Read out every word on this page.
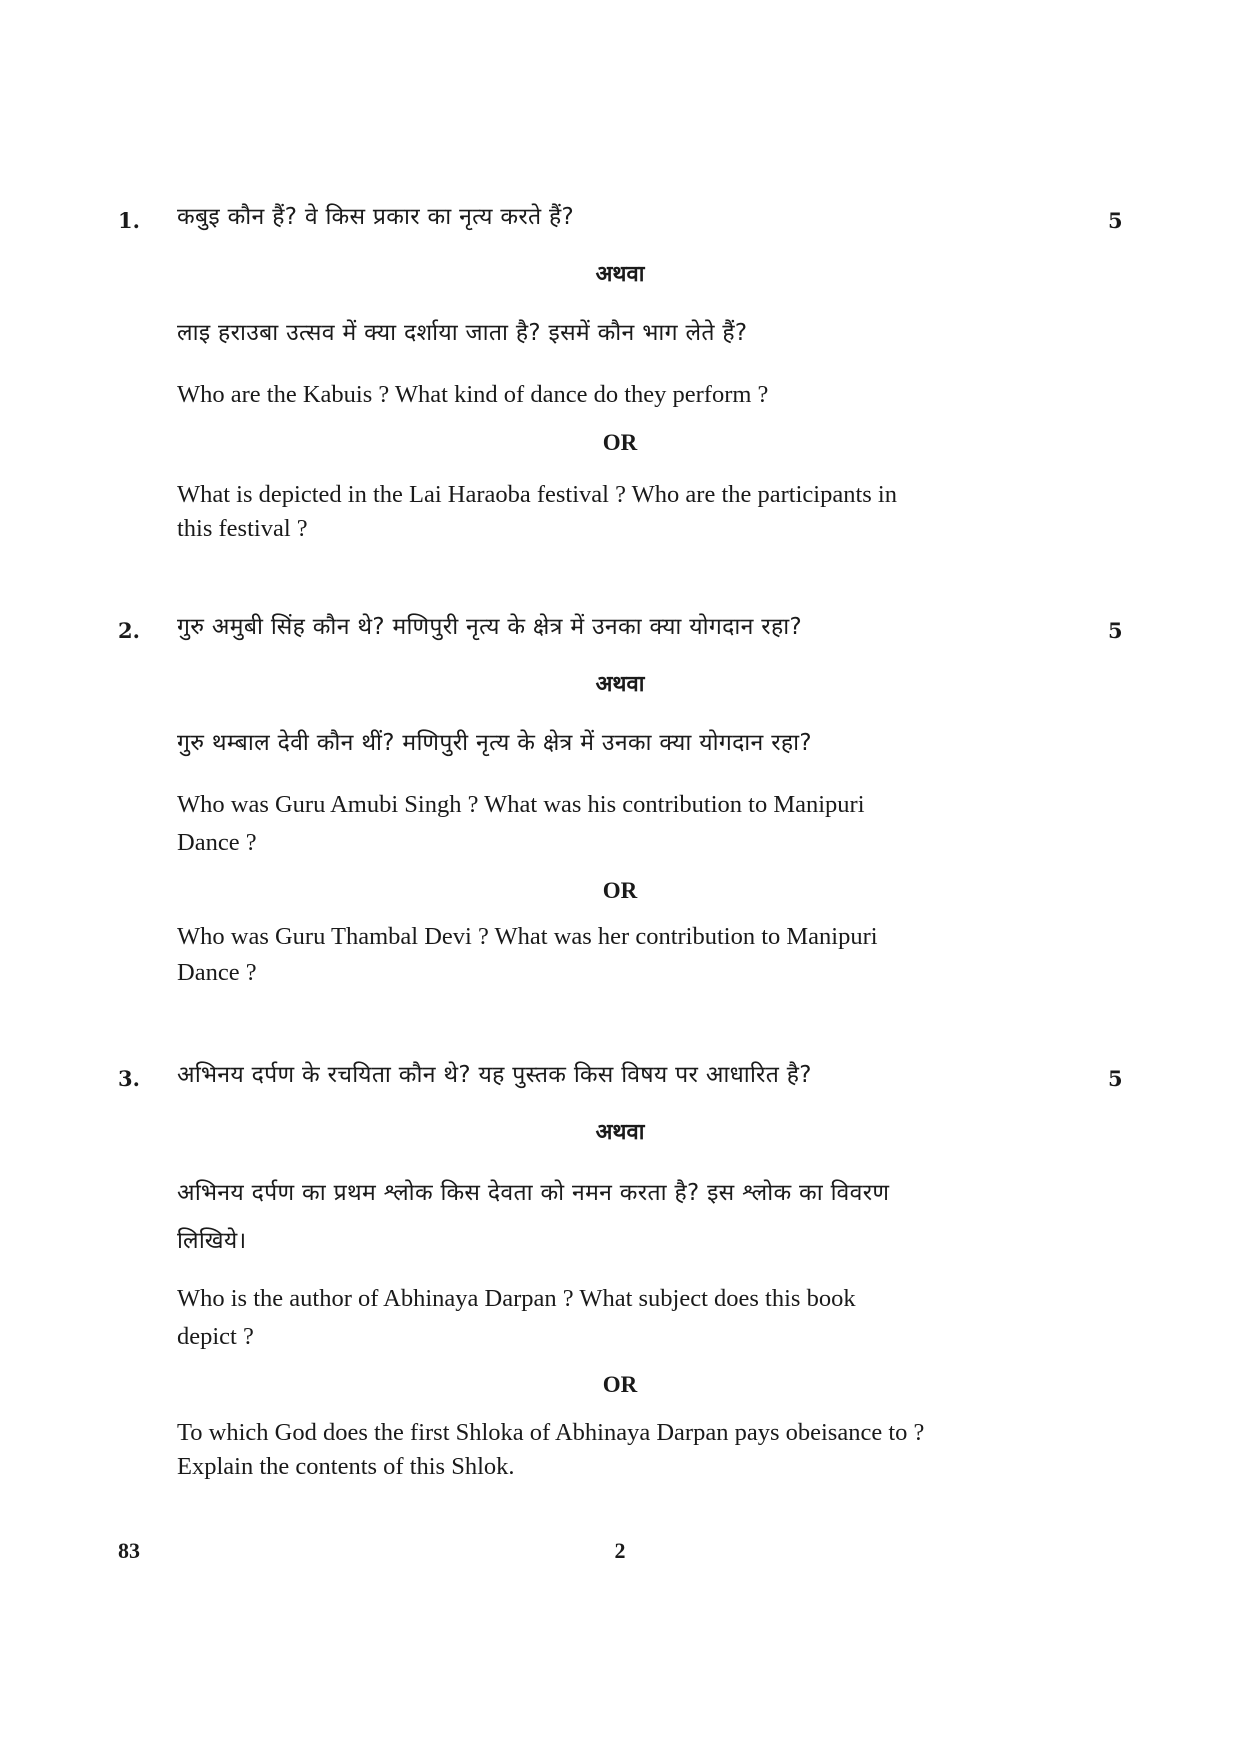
1. कबुइ कौन हैं? वे किस प्रकार का नृत्य करते हैं?	5
अथवा
लाइ हराउबा उत्सव में क्या दर्शाया जाता है? इसमें कौन भाग लेते हैं?
Who are the Kabuis ? What kind of dance do they perform ?
OR
What is depicted in the Lai Haraoba festival ? Who are the participants in
this festival ?
2. गुरु अमुबी सिंह कौन थे? मणिपुरी नृत्य के क्षेत्र में उनका क्या योगदान रहा?	5
अथवा
गुरु थम्बाल देवी कौन थीं? मणिपुरी नृत्य के क्षेत्र में उनका क्या योगदान रहा?
Who was Guru Amubi Singh ? What was his contribution to Manipuri
Dance ?
OR
Who was Guru Thambal Devi ? What was her contribution to Manipuri
Dance ?
3. अभिनय दर्पण के रचयिता कौन थे? यह पुस्तक किस विषय पर आधारित है?	5
अथवा
अभिनय दर्पण का प्रथम श्लोक किस देवता को नमन करता है? इस श्लोक का विवरण
लिखिये।
Who is the author of Abhinaya Darpan ? What subject does this book
depict ?
OR
To which God does the first Shloka of Abhinaya Darpan pays obeisance to ?
Explain the contents of this Shlok.
83	2
